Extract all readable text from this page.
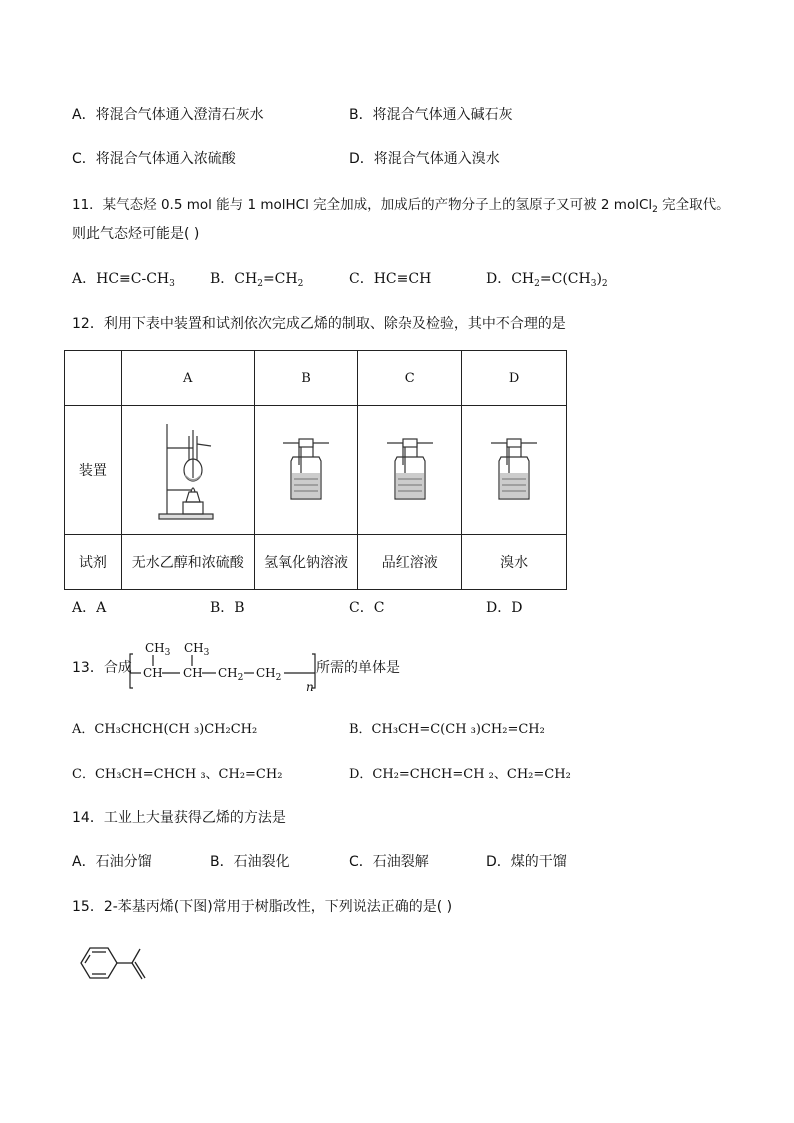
A．将混合气体通入澄清石灰水	B．将混合气体通入碱石灰
C．将混合气体通入浓硫酸	D．将混合气体通入溴水
11．某气态烃 0.5 mol 能与 1 molHCl 完全加成，加成后的产物分子上的氢原子又可被 2 molCl$_2$ 完全取代。
则此气态烃可能是( )
A．$HC\equiv C-CH_3$	B．$CH_2=CH_2$	C．HC≡CH	D．$CH_2=C(CH_3)_2$
12．利用下表中装置和试剂依次完成乙烯的制取、除杂及检验，其中不合理的是
	A	B	C	D
装置	

试剂	无水乙醇和浓硫酸	氢氧化钠溶液	品红溶液	溴水
A．A	B．B	C．C	D．D
13．合成
$CH_3$ $CH_3$
CH CH $CH_2$ $CH_2$
n
所需的单体是
A．CH₃CHCH(CH ₃)CH₂CH₂	B．CH₃CH=C(CH ₃)CH₂=CH₂
C．CH₃CH=CHCH ₃、CH₂=CH₂	D．CH₂=CHCH=CH ₂、CH₂=CH₂
14．工业上大量获得乙烯的方法是
A．石油分馏	B．石油裂化	C．石油裂解	D．煤的干馏
15．2-苯基丙烯(下图)常用于树脂改性，下列说法正确的是( )
